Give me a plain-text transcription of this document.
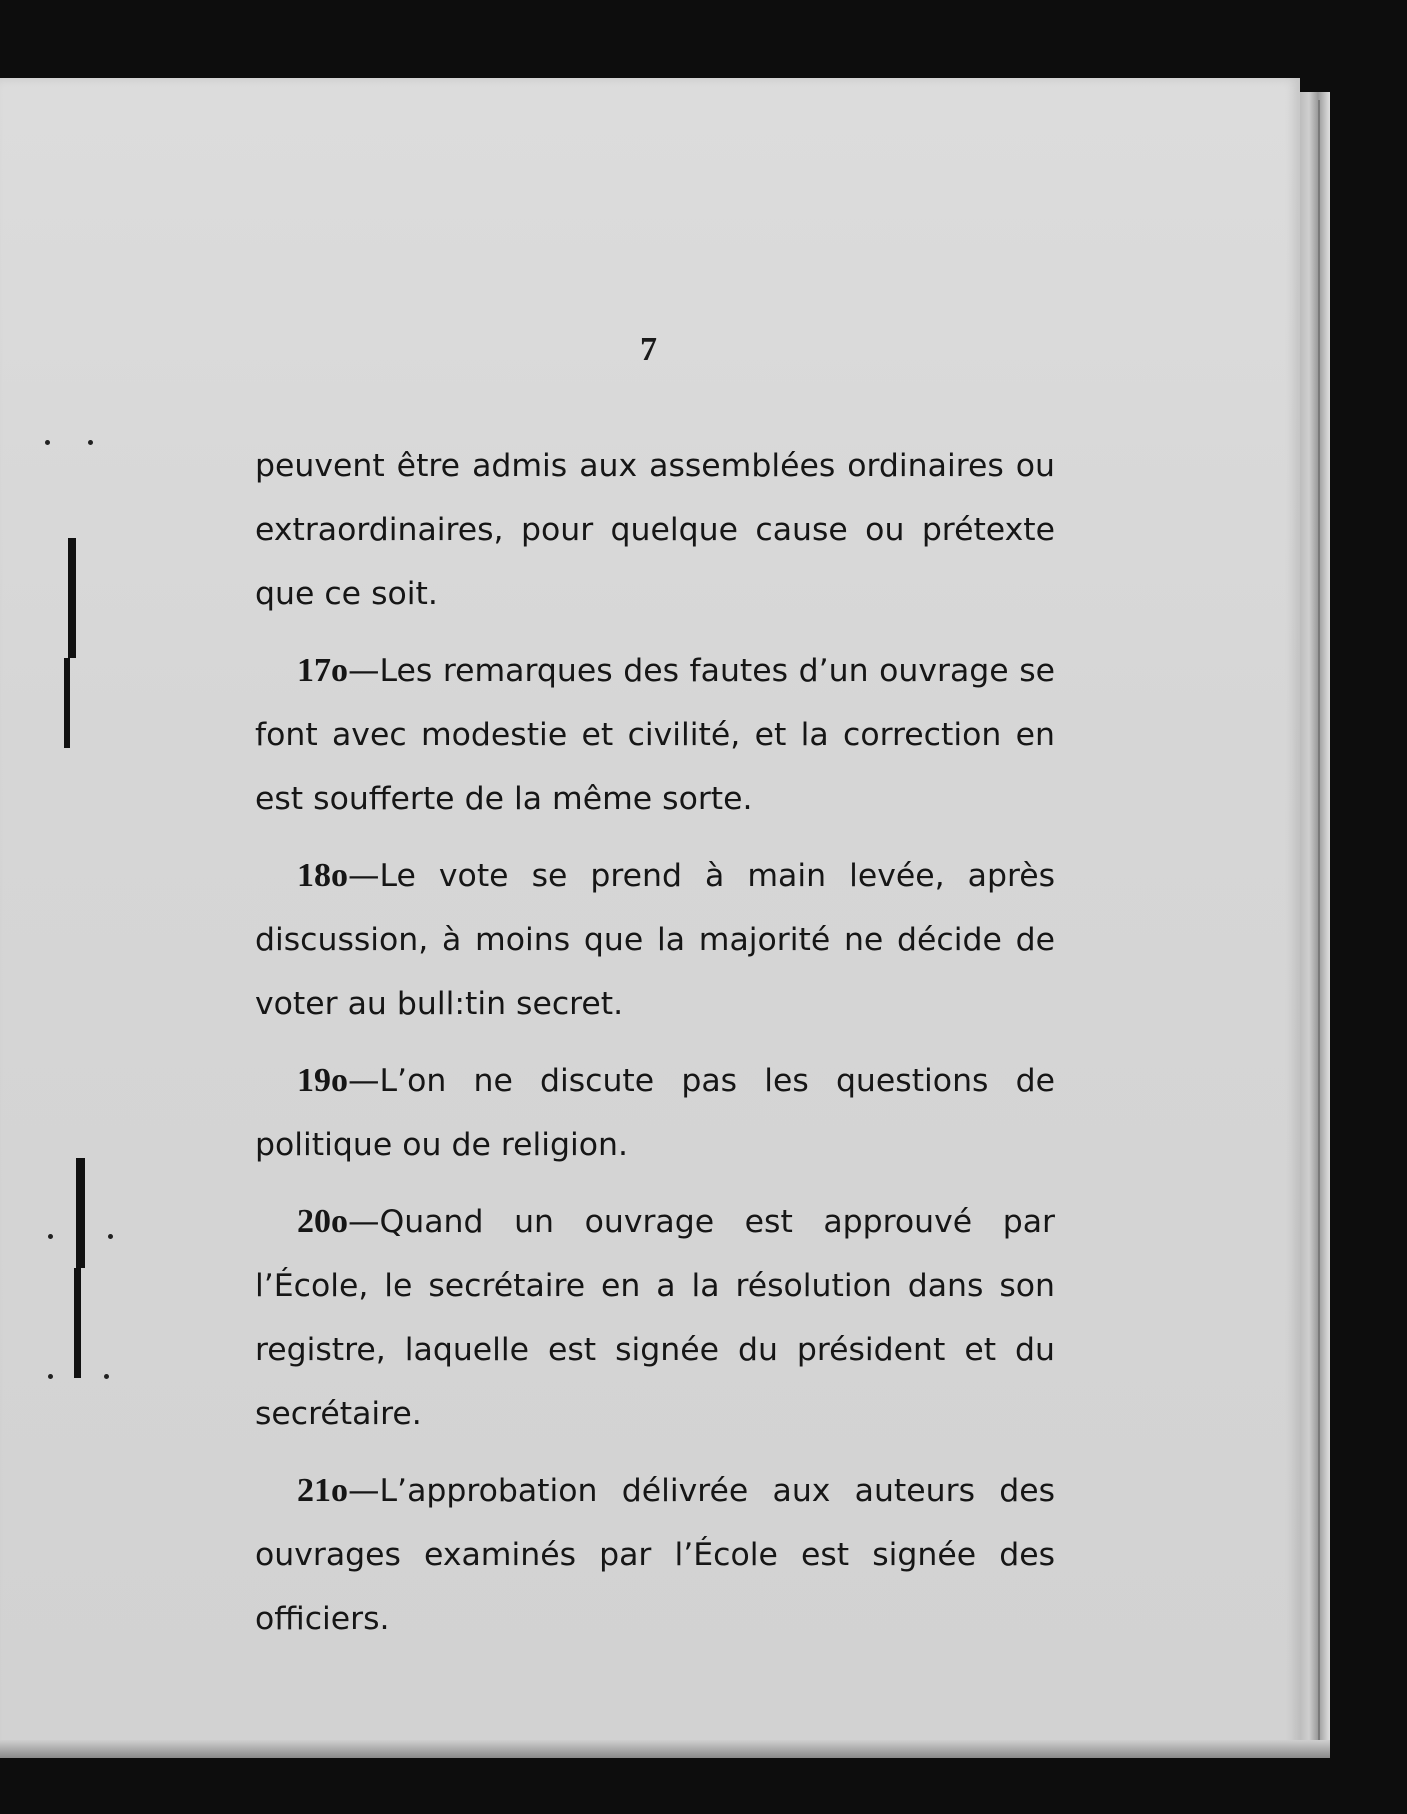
7

peuvent être admis aux assemblées ordinaires ou extraordinaires, pour quelque cause ou prétexte que ce soit.

17o—Les remarques des fautes d’un ouvrage se font avec modestie et civilité, et la correction en est soufferte de la même sorte.

18o—Le vote se prend à main levée, après discussion, à moins que la majorité ne décide de voter au bull:tin secret.

19o—L’on ne discute pas les questions de politique ou de religion.

20o—Quand un ouvrage est approuvé par l’École, le secrétaire en a la résolution dans son registre, laquelle est signée du président et du secrétaire.

21o—L’approbation délivrée aux auteurs des ouvrages examinés par l’École est signée des officiers.
